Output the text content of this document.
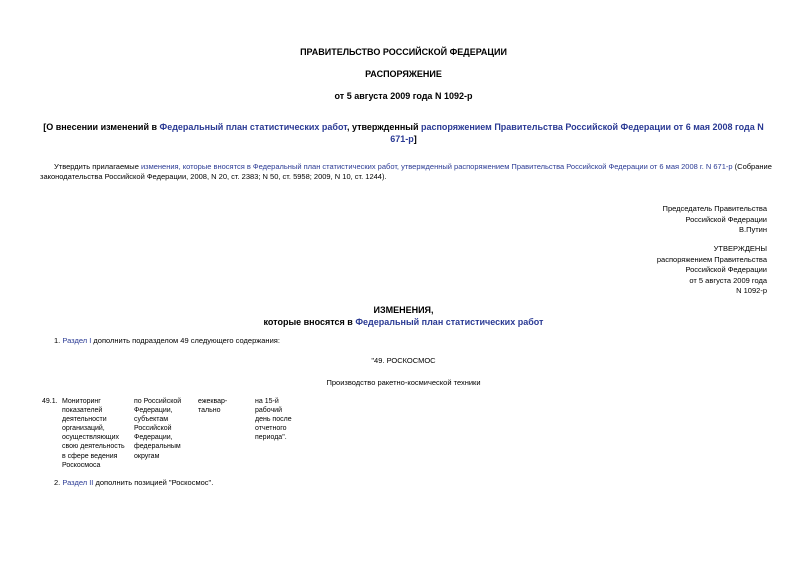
ПРАВИТЕЛЬСТВО РОССИЙСКОЙ ФЕДЕРАЦИИ
РАСПОРЯЖЕНИЕ
от 5 августа 2009 года N 1092-р
[О внесении изменений в Федеральный план статистических работ, утвержденный распоряжением Правительства Российской Федерации от 6 мая 2008 года N
671-р]
Утвердить прилагаемые изменения, которые вносятся в Федеральный план статистических работ, утвержденный распоряжением Правительства Российской Федерации от 6 мая 2008 г. N 671-р (Собрание
законодательства Российской Федерации, 2008, N 20, ст. 2383; N 50, ст. 5958; 2009, N 10, ст. 1244).
Председатель Правительства
Российской Федерации
В.Путин
УТВЕРЖДЕНЫ
распоряжением Правительства
Российской Федерации
от 5 августа 2009 года
N 1092-р
ИЗМЕНЕНИЯ,
которые вносятся в Федеральный план статистических работ
1. Раздел I дополнить подразделом 49 следующего содержания:
"49. РОСКОСМОС
Производство ракетно-космической техники
49.1. Мониторинг
показателей
деятельности
организаций,
осуществляющих
свою деятельность
в сфере ведения
Роскосмоса
по Российской
Федерации,
субъектам
Российской
Федерации,
федеральным
округам
ежеквар-
тально
на 15-й
рабочий
день после
отчетного
периода".
2. Раздел II дополнить позицией "Роскосмос".
